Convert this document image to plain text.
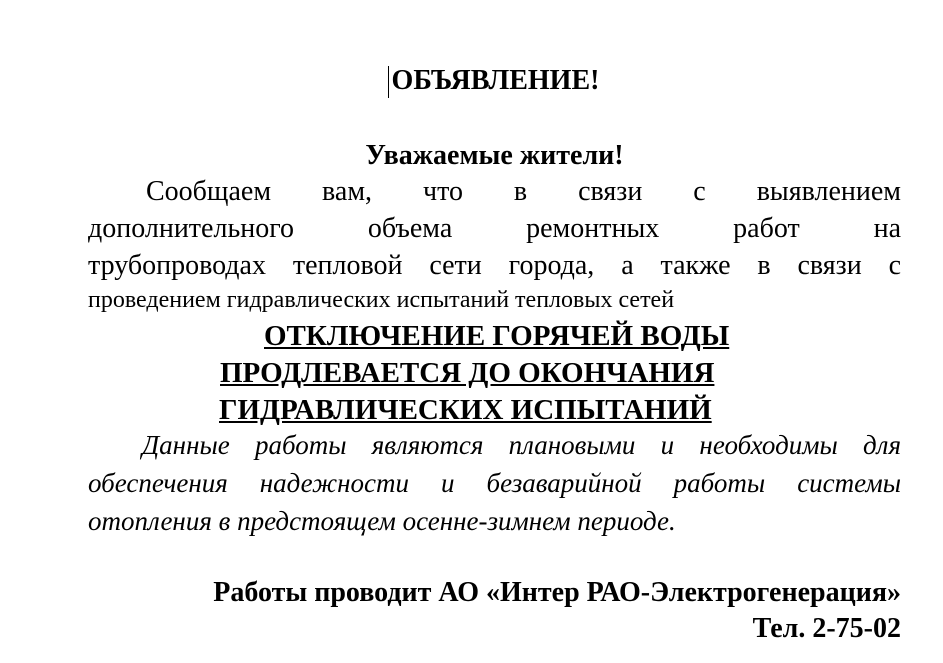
ОБЪЯВЛЕНИЕ!
Уважаемые жители!
Сообщаем вам, что в связи с выявлением
дополнительного объема ремонтных работ на
трубопроводах тепловой сети города, а также в связи с
проведением гидравлических испытаний тепловых сетей
ОТКЛЮЧЕНИЕ ГОРЯЧЕЙ ВОДЫ
ПРОДЛЕВАЕТСЯ ДО ОКОНЧАНИЯ
ГИДРАВЛИЧЕСКИХ ИСПЫТАНИЙ
Данные работы являются плановыми и необходимы для
обеспечения надежности и безаварийной работы системы
отопления в предстоящем осенне-зимнем периоде.
Работы проводит АО «Интер РАО-Электрогенерация»
Тел. 2-75-02
